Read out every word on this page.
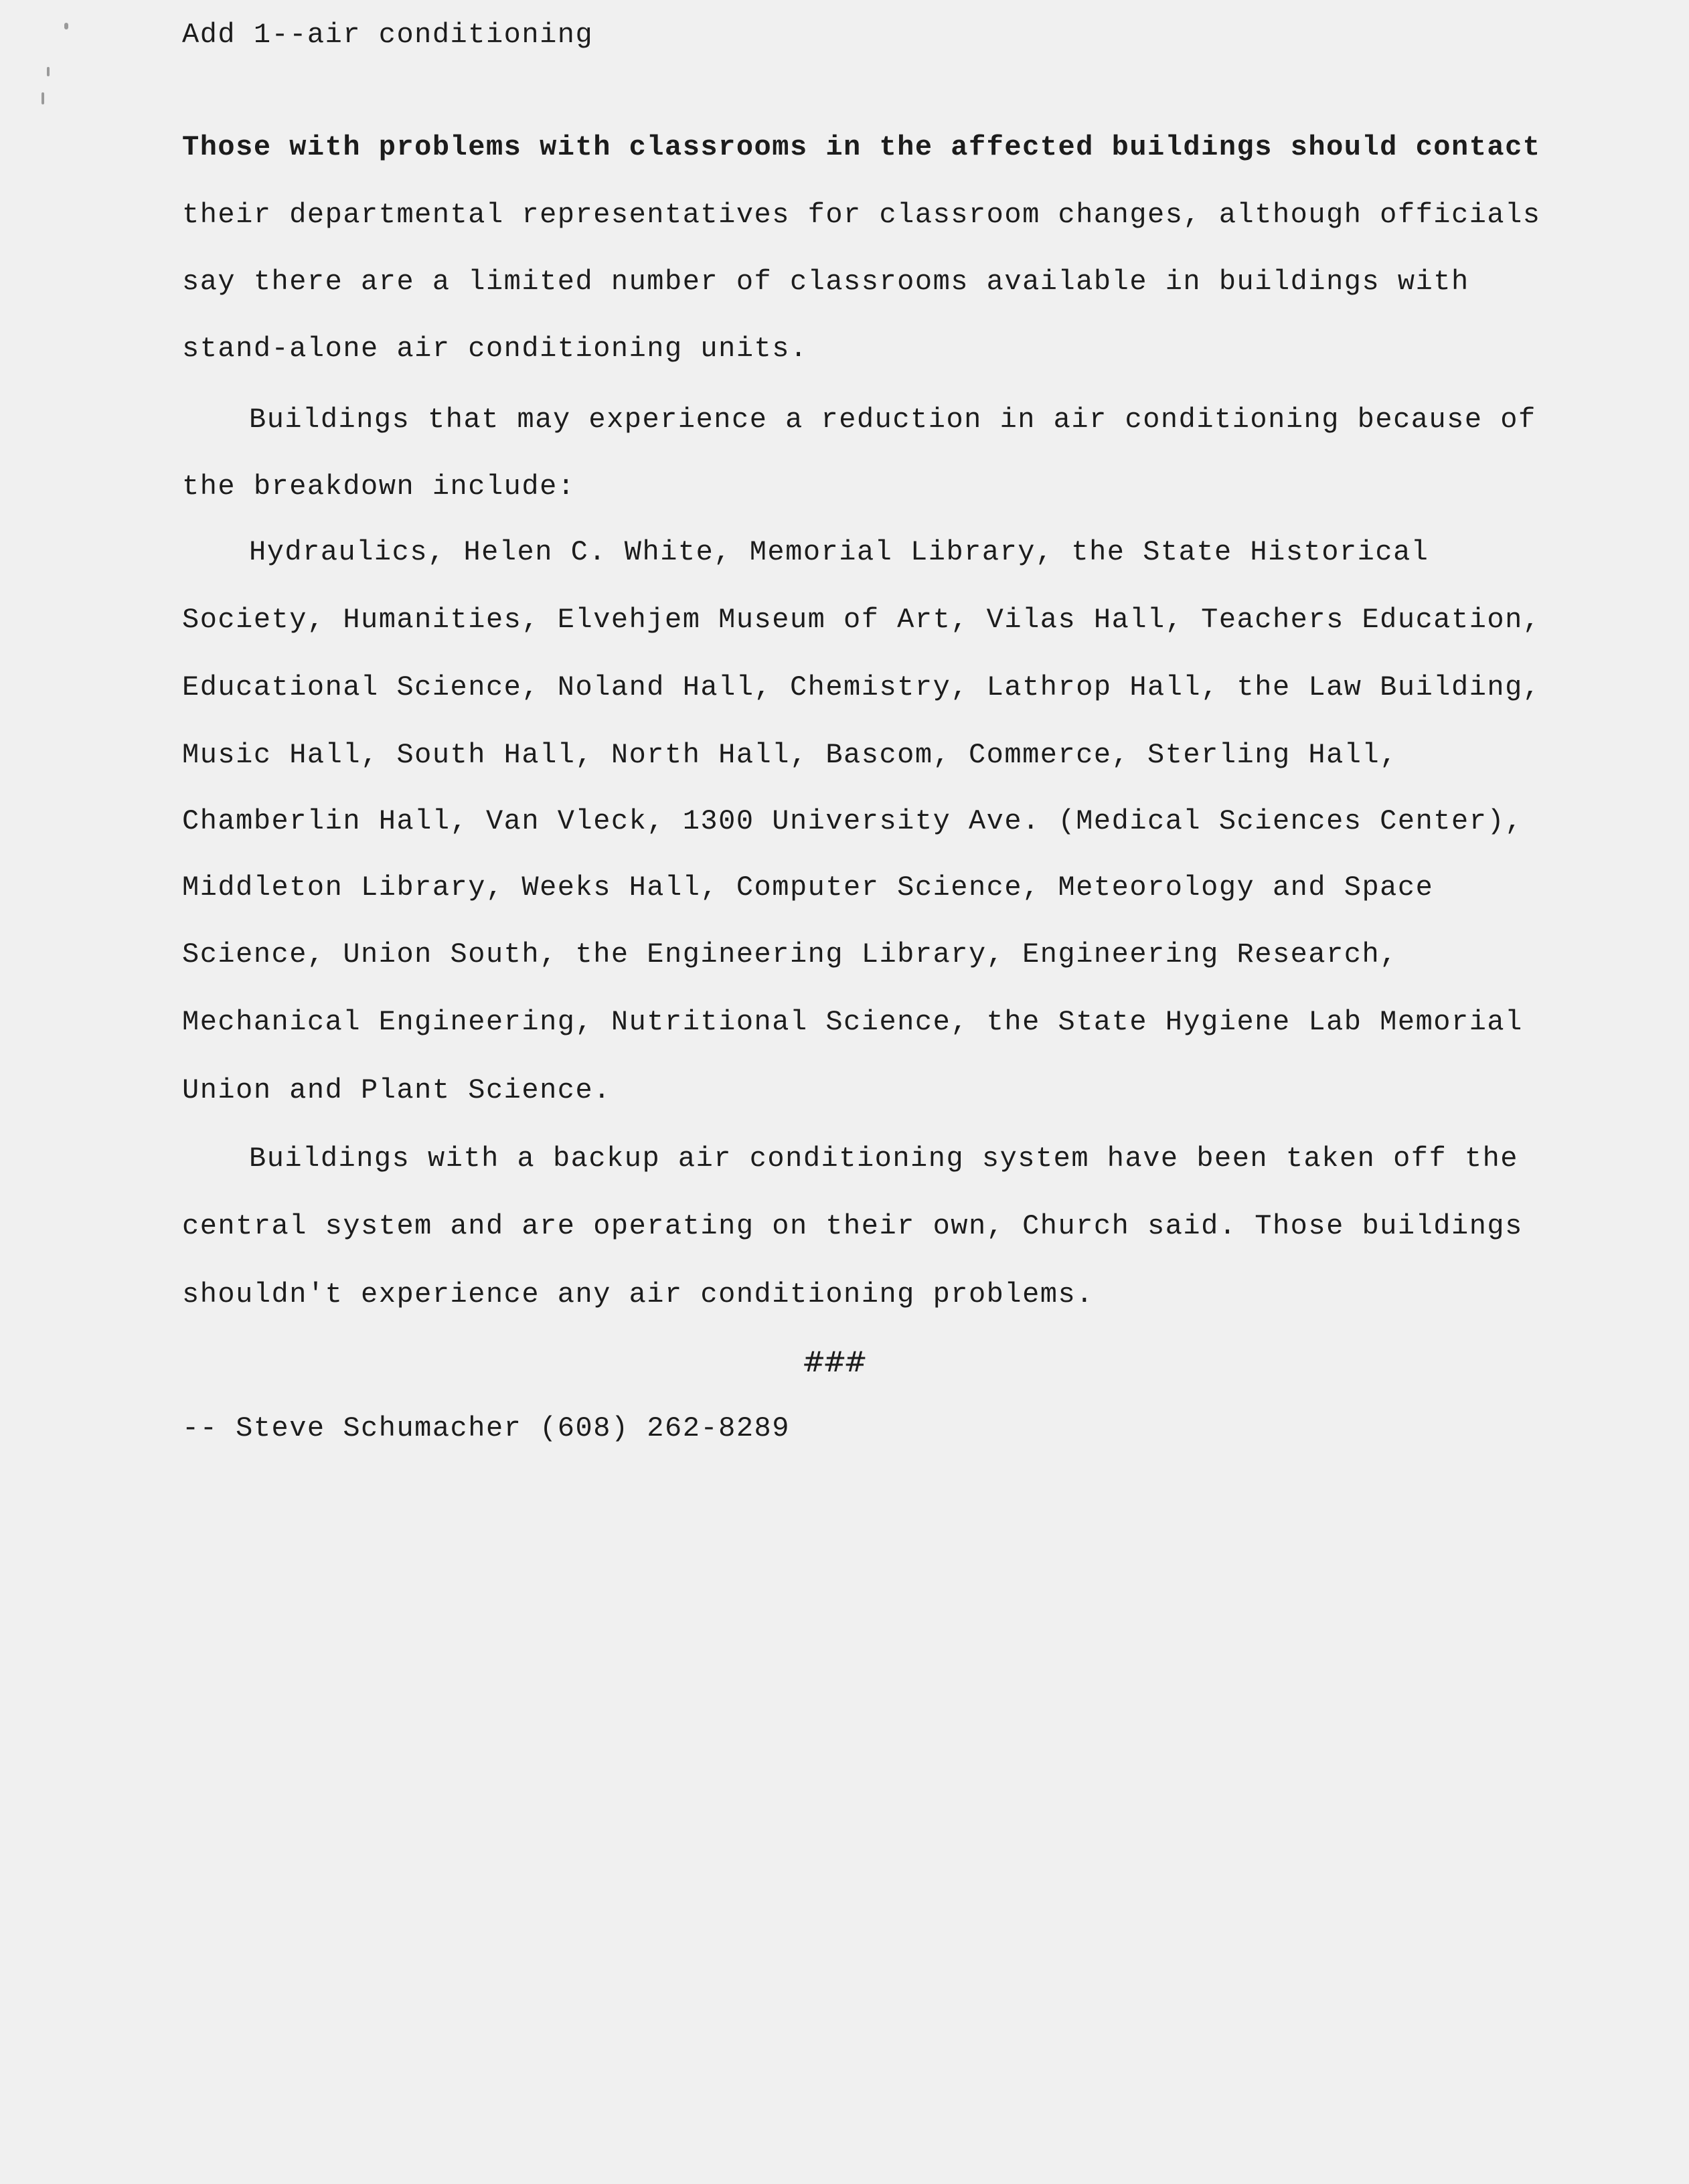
Add 1--air conditioning
Those with problems with classrooms in the affected buildings should contact
their departmental representatives for classroom changes, although officials
say there are a limited number of classrooms available in buildings with
stand-alone air conditioning units.
Buildings that may experience a reduction in air conditioning because of
the breakdown include:
Hydraulics, Helen C. White, Memorial Library, the State Historical
Society, Humanities, Elvehjem Museum of Art, Vilas Hall, Teachers Education,
Educational Science, Noland Hall, Chemistry, Lathrop Hall, the Law Building,
Music Hall, South Hall, North Hall, Bascom, Commerce, Sterling Hall,
Chamberlin Hall, Van Vleck, 1300 University Ave. (Medical Sciences Center),
Middleton Library, Weeks Hall, Computer Science, Meteorology and Space
Science, Union South, the Engineering Library, Engineering Research,
Mechanical Engineering, Nutritional Science, the State Hygiene Lab Memorial
Union and Plant Science.
Buildings with a backup air conditioning system have been taken off the
central system and are operating on their own, Church said. Those buildings
shouldn't experience any air conditioning problems.
###
-- Steve Schumacher (608) 262-8289
